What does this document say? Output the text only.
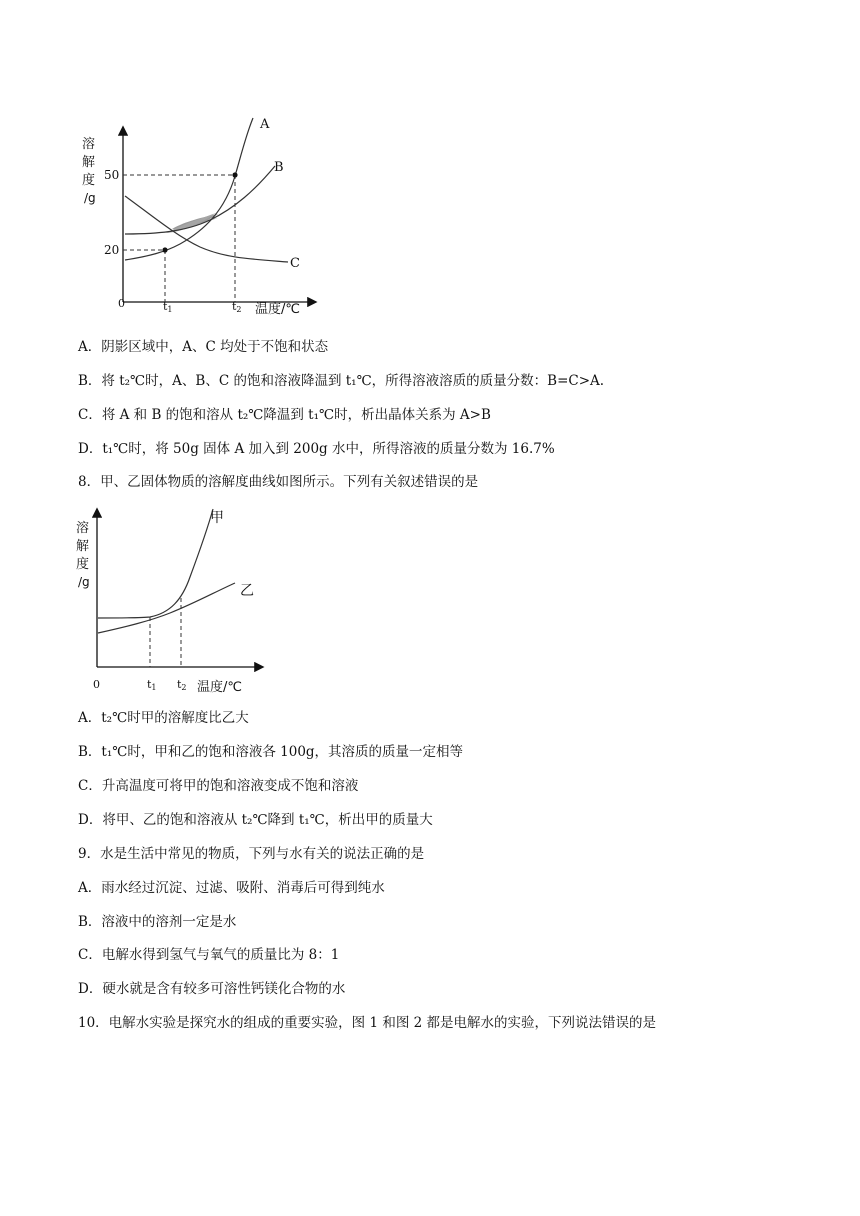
溶
解
度
/g
50
20
0	t1	t2 温度/℃
A
B
C
A．阴影区域中，A、C 均处于不饱和状态
B．将 t₂℃时，A、B、C 的饱和溶液降温到 t₁℃，所得溶液溶质的质量分数：B=C>A.
C．将 A 和 B 的饱和溶从 t₂℃降温到 t₁℃时，析出晶体关系为 A>B
D．t₁℃时，将 50g 固体 A 加入到 200g 水中，所得溶液的质量分数为 16.7%
8．甲、乙固体物质的溶解度曲线如图所示。下列有关叙述错误的是
溶
解
度
/g
0	t1 t2 温度/℃
甲
乙
A．t₂℃时甲的溶解度比乙大
B．t₁℃时，甲和乙的饱和溶液各 100g，其溶质的质量一定相等
C．升高温度可将甲的饱和溶液变成不饱和溶液
D．将甲、乙的饱和溶液从 t₂℃降到 t₁℃，析出甲的质量大
9．水是生活中常见的物质，下列与水有关的说法正确的是
A．雨水经过沉淀、过滤、吸附、消毒后可得到纯水
B．溶液中的溶剂一定是水
C．电解水得到氢气与氧气的质量比为 8：1
D．硬水就是含有较多可溶性钙镁化合物的水
10．电解水实验是探究水的组成的重要实验，图 1 和图 2 都是电解水的实验，下列说法错误的是
